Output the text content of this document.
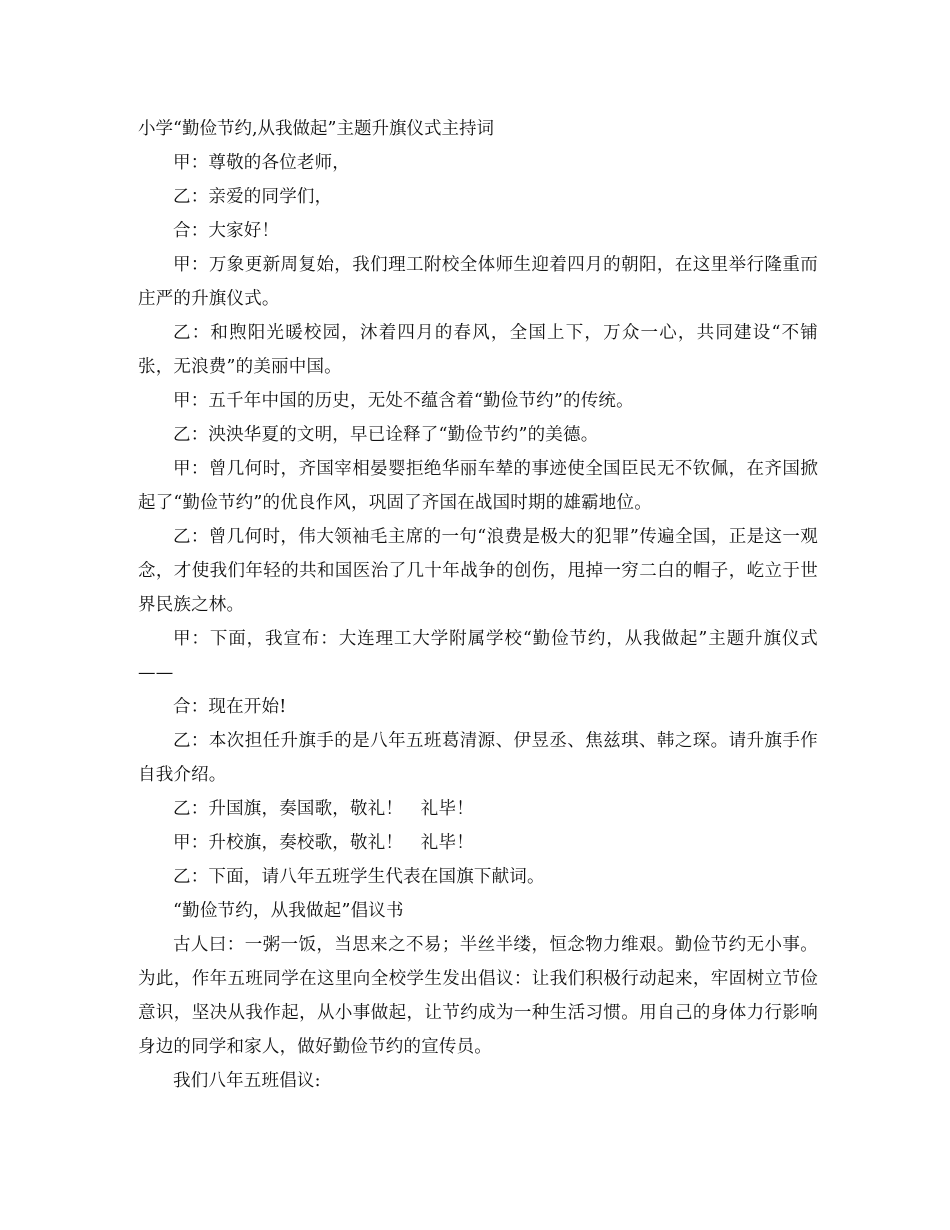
小学“勤俭节约,从我做起”主题升旗仪式主持词

甲：尊敬的各位老师，

乙：亲爱的同学们，

合：大家好！

甲：万象更新周复始，我们理工附校全体师生迎着四月的朝阳，在这里举行隆重而庄严的升旗仪式。

乙：和煦阳光暖校园，沐着四月的春风，全国上下，万众一心，共同建设“不铺张，无浪费”的美丽中国。

甲：五千年中国的历史，无处不蕴含着“勤俭节约”的传统。

乙：泱泱华夏的文明，早已诠释了“勤俭节约”的美德。

甲：曾几何时，齐国宰相晏婴拒绝华丽车辇的事迹使全国臣民无不钦佩，在齐国掀起了“勤俭节约”的优良作风，巩固了齐国在战国时期的雄霸地位。

乙：曾几何时，伟大领袖毛主席的一句“浪费是极大的犯罪”传遍全国，正是这一观念，才使我们年轻的共和国医治了几十年战争的创伤，甩掉一穷二白的帽子，屹立于世界民族之林。

甲：下面，我宣布：大连理工大学附属学校“勤俭节约，从我做起”主题升旗仪式——

合：现在开始!

乙：本次担任升旗手的是八年五班葛清源、伊昱丞、焦兹琪、韩之琛。请升旗手作自我介绍。

乙：升国旗，奏国歌，敬礼！　礼毕！

甲：升校旗，奏校歌，敬礼！　礼毕！

乙：下面，请八年五班学生代表在国旗下献词。

“勤俭节约，从我做起”倡议书

古人曰：一粥一饭，当思来之不易；半丝半缕，恒念物力维艰。勤俭节约无小事。为此，作年五班同学在这里向全校学生发出倡议：让我们积极行动起来，牢固树立节俭意识，坚决从我作起，从小事做起，让节约成为一种生活习惯。用自己的身体力行影响身边的同学和家人，做好勤俭节约的宣传员。

我们八年五班倡议:
